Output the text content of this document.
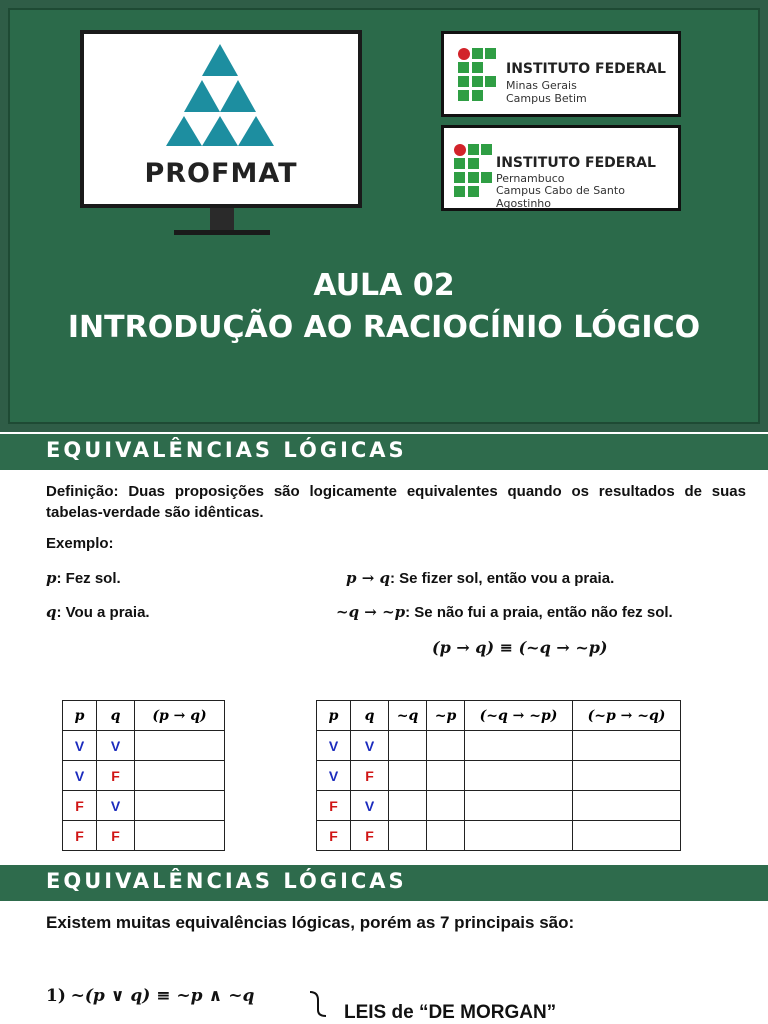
PROFMAT
INSTITUTO FEDERAL
Minas Gerais
Campus Betim
INSTITUTO FEDERAL
Pernambuco
Campus Cabo de Santo Agostinho
AULA 02
INTRODUÇÃO AO RACIOCÍNIO LÓGICO
EQUIVALÊNCIAS LÓGICAS
Definição: Duas proposições são logicamente equivalentes quando os resultados de suas tabelas-verdade são idênticas.
Exemplo:
p: Fez sol.
q: Vou a praia.
p → q: Se fizer sol, então vou a praia.
~q → ~p: Se não fui a praia, então não fez sol.
(p → q) ≡ (~q → ~p)
p	q	(p → q)
V	V	
V	F	
F	V	
F	F	
p	q	~q	~p	(~q → ~p)	(~p → ~q)
V	V				
V	F				
F	V				
F	F				
EQUIVALÊNCIAS LÓGICAS
Existem muitas equivalências lógicas, porém as 7 principais são:
1) ~(p ∨ q) ≡ ~p ∧ ~q
LEIS de “DE MORGAN”
